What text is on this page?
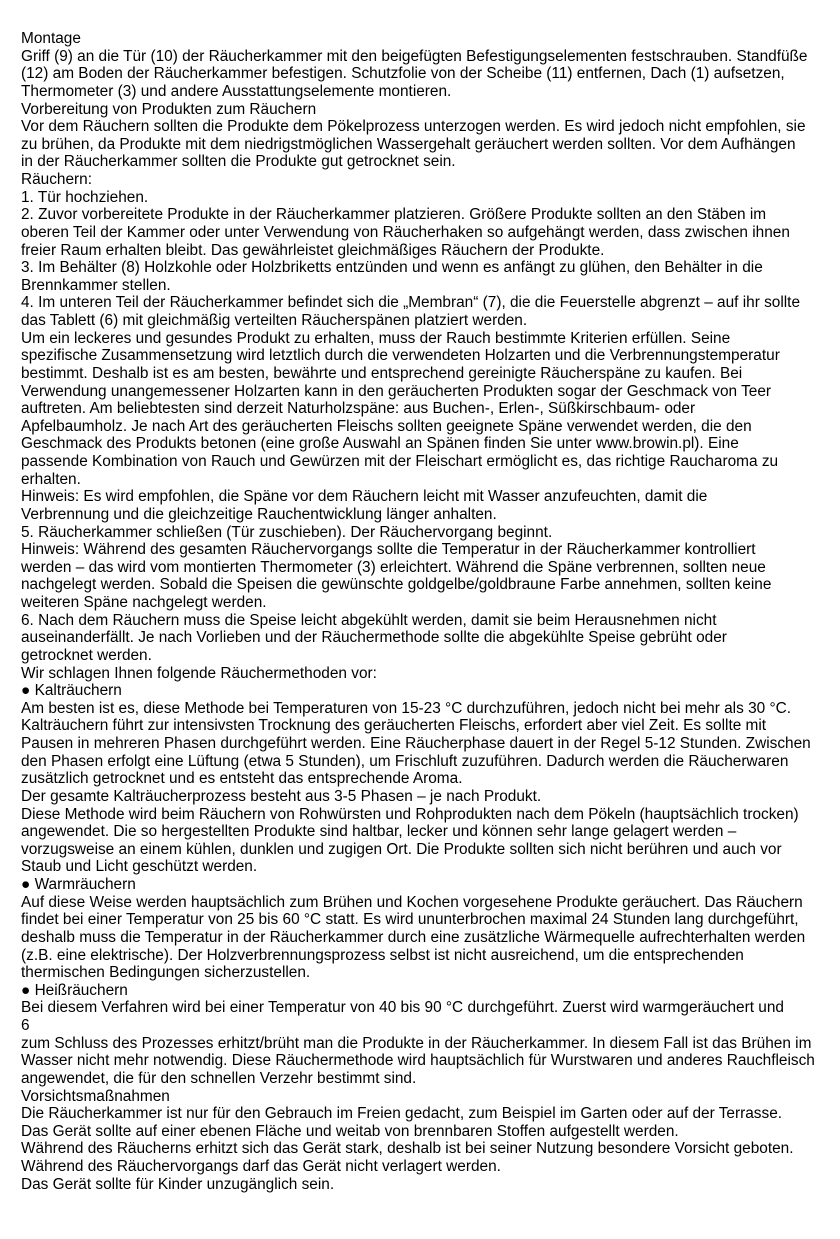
Montage
Griff (9) an die Tür (10) der Räucherkammer mit den beigefügten Befestigungselementen festschrauben. Standfüße
(12) am Boden der Räucherkammer befestigen. Schutzfolie von der Scheibe (11) entfernen, Dach (1) aufsetzen,
Thermometer (3) und andere Ausstattungselemente montieren.
Vorbereitung von Produkten zum Räuchern
Vor dem Räuchern sollten die Produkte dem Pökelprozess unterzogen werden. Es wird jedoch nicht empfohlen, sie
zu brühen, da Produkte mit dem niedrigstmöglichen Wassergehalt geräuchert werden sollten. Vor dem Aufhängen
in der Räucherkammer sollten die Produkte gut getrocknet sein.
Räuchern:
1. Tür hochziehen.
2. Zuvor vorbereitete Produkte in der Räucherkammer platzieren. Größere Produkte sollten an den Stäben im
oberen Teil der Kammer oder unter Verwendung von Räucherhaken so aufgehängt werden, dass zwischen ihnen
freier Raum erhalten bleibt. Das gewährleistet gleichmäßiges Räuchern der Produkte.
3. Im Behälter (8) Holzkohle oder Holzbriketts entzünden und wenn es anfängt zu glühen, den Behälter in die
Brennkammer stellen.
4. Im unteren Teil der Räucherkammer befindet sich die „Membran“ (7), die die Feuerstelle abgrenzt – auf ihr sollte
das Tablett (6) mit gleichmäßig verteilten Räucherspänen platziert werden.
Um ein leckeres und gesundes Produkt zu erhalten, muss der Rauch bestimmte Kriterien erfüllen. Seine
spezifische Zusammensetzung wird letztlich durch die verwendeten Holzarten und die Verbrennungstemperatur
bestimmt. Deshalb ist es am besten, bewährte und entsprechend gereinigte Räucherspäne zu kaufen. Bei
Verwendung unangemessener Holzarten kann in den geräucherten Produkten sogar der Geschmack von Teer
auftreten. Am beliebtesten sind derzeit Naturholzspäne: aus Buchen-, Erlen-, Süßkirschbaum- oder
Apfelbaumholz. Je nach Art des geräucherten Fleischs sollten geeignete Späne verwendet werden, die den
Geschmack des Produkts betonen (eine große Auswahl an Spänen finden Sie unter www.browin.pl). Eine
passende Kombination von Rauch und Gewürzen mit der Fleischart ermöglicht es, das richtige Raucharoma zu
erhalten.
Hinweis: Es wird empfohlen, die Späne vor dem Räuchern leicht mit Wasser anzufeuchten, damit die
Verbrennung und die gleichzeitige Rauchentwicklung länger anhalten.
5. Räucherkammer schließen (Tür zuschieben). Der Räuchervorgang beginnt.
Hinweis: Während des gesamten Räuchervorgangs sollte die Temperatur in der Räucherkammer kontrolliert
werden – das wird vom montierten Thermometer (3) erleichtert. Während die Späne verbrennen, sollten neue
nachgelegt werden. Sobald die Speisen die gewünschte goldgelbe/goldbraune Farbe annehmen, sollten keine
weiteren Späne nachgelegt werden.
6. Nach dem Räuchern muss die Speise leicht abgekühlt werden, damit sie beim Herausnehmen nicht
auseinanderfällt. Je nach Vorlieben und der Räuchermethode sollte die abgekühlte Speise gebrüht oder
getrocknet werden.
Wir schlagen Ihnen folgende Räuchermethoden vor:
● Kalträuchern
Am besten ist es, diese Methode bei Temperaturen von 15-23 °C durchzuführen, jedoch nicht bei mehr als 30 °C.
Kalträuchern führt zur intensivsten Trocknung des geräucherten Fleischs, erfordert aber viel Zeit. Es sollte mit
Pausen in mehreren Phasen durchgeführt werden. Eine Räucherphase dauert in der Regel 5-12 Stunden. Zwischen
den Phasen erfolgt eine Lüftung (etwa 5 Stunden), um Frischluft zuzuführen. Dadurch werden die Räucherwaren
zusätzlich getrocknet und es entsteht das entsprechende Aroma.
Der gesamte Kalträucherprozess besteht aus 3-5 Phasen – je nach Produkt.
Diese Methode wird beim Räuchern von Rohwürsten und Rohprodukten nach dem Pökeln (hauptsächlich trocken)
angewendet. Die so hergestellten Produkte sind haltbar, lecker und können sehr lange gelagert werden –
vorzugsweise an einem kühlen, dunklen und zugigen Ort. Die Produkte sollten sich nicht berühren und auch vor
Staub und Licht geschützt werden.
● Warmräuchern
Auf diese Weise werden hauptsächlich zum Brühen und Kochen vorgesehene Produkte geräuchert. Das Räuchern
findet bei einer Temperatur von 25 bis 60 °C statt. Es wird ununterbrochen maximal 24 Stunden lang durchgeführt,
deshalb muss die Temperatur in der Räucherkammer durch eine zusätzliche Wärmequelle aufrechterhalten werden
(z.B. eine elektrische). Der Holzverbrennungsprozess selbst ist nicht ausreichend, um die entsprechenden
thermischen Bedingungen sicherzustellen.
● Heißräuchern
Bei diesem Verfahren wird bei einer Temperatur von 40 bis 90 °C durchgeführt. Zuerst wird warmgeräuchert und
6
zum Schluss des Prozesses erhitzt/brüht man die Produkte in der Räucherkammer. In diesem Fall ist das Brühen im
Wasser nicht mehr notwendig. Diese Räuchermethode wird hauptsächlich für Wurstwaren und anderes Rauchfleisch
angewendet, die für den schnellen Verzehr bestimmt sind.
Vorsichtsmaßnahmen
Die Räucherkammer ist nur für den Gebrauch im Freien gedacht, zum Beispiel im Garten oder auf der Terrasse.
Das Gerät sollte auf einer ebenen Fläche und weitab von brennbaren Stoffen aufgestellt werden.
Während des Räucherns erhitzt sich das Gerät stark, deshalb ist bei seiner Nutzung besondere Vorsicht geboten.
Während des Räuchervorgangs darf das Gerät nicht verlagert werden.
Das Gerät sollte für Kinder unzugänglich sein.
